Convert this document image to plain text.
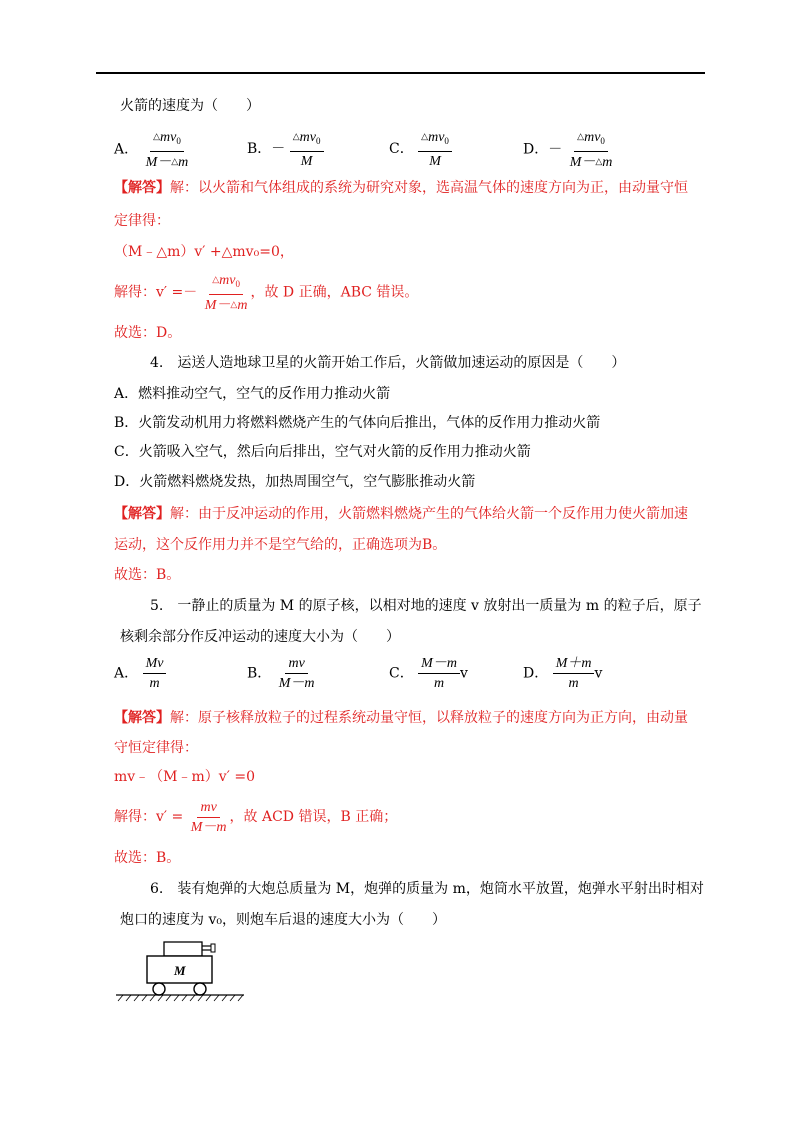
火箭的速度为（　　）
A． $\frac{\triangle mv_0}{M-\triangle m}$	B．－ $\frac{\triangle mv_0}{M}$	C． $\frac{\triangle mv_0}{M}$	D．－ $\frac{\triangle mv_0}{M-\triangle m}$
【解答】解：以火箭和气体组成的系统为研究对象，选高温气体的速度方向为正，由动量守恒
定律得：
（M﹣△m）v′ +△mv₀=0，
解得：$v' =- \frac{\triangle mv_0}{M-\triangle m}$ ，故 D 正确，ABC 错误。
故选：D。
4.　运送人造地球卫星的火箭开始工作后，火箭做加速运动的原因是（　　）
A．燃料推动空气，空气的反作用力推动火箭
B．火箭发动机用力将燃料燃烧产生的气体向后推出，气体的反作用力推动火箭
C．火箭吸入空气，然后向后排出，空气对火箭的反作用力推动火箭
D．火箭燃料燃烧发热，加热周围空气，空气膨胀推动火箭
【解答】解：由于反冲运动的作用，火箭燃料燃烧产生的气体给火箭一个反作用力使火箭加速
运动，这个反作用力并不是空气给的，正确选项为B。
故选：B。
5.　一静止的质量为 M 的原子核，以相对地的速度 v 放射出一质量为 m 的粒子后，原子
核剩余部分作反冲运动的速度大小为（　　）
A． $\frac{Mv}{m}$	B． $\frac{mv}{M-m}$	C． $\frac{M-m}{m}$ v	D． $\frac{M+m}{m}$ v
【解答】解：原子核释放粒子的过程系统动量守恒，以释放粒子的速度方向为正方向，由动量
守恒定律得：
mv﹣（M﹣m）v′ =0
解得：$v' = \frac{mv}{M-m}$ ，故 ACD 错误，B 正确；
故选：B。
6.　装有炮弹的大炮总质量为 M，炮弹的质量为 m，炮筒水平放置，炮弹水平射出时相对
炮口的速度为 v₀，则炮车后退的速度大小为（　　）
M
